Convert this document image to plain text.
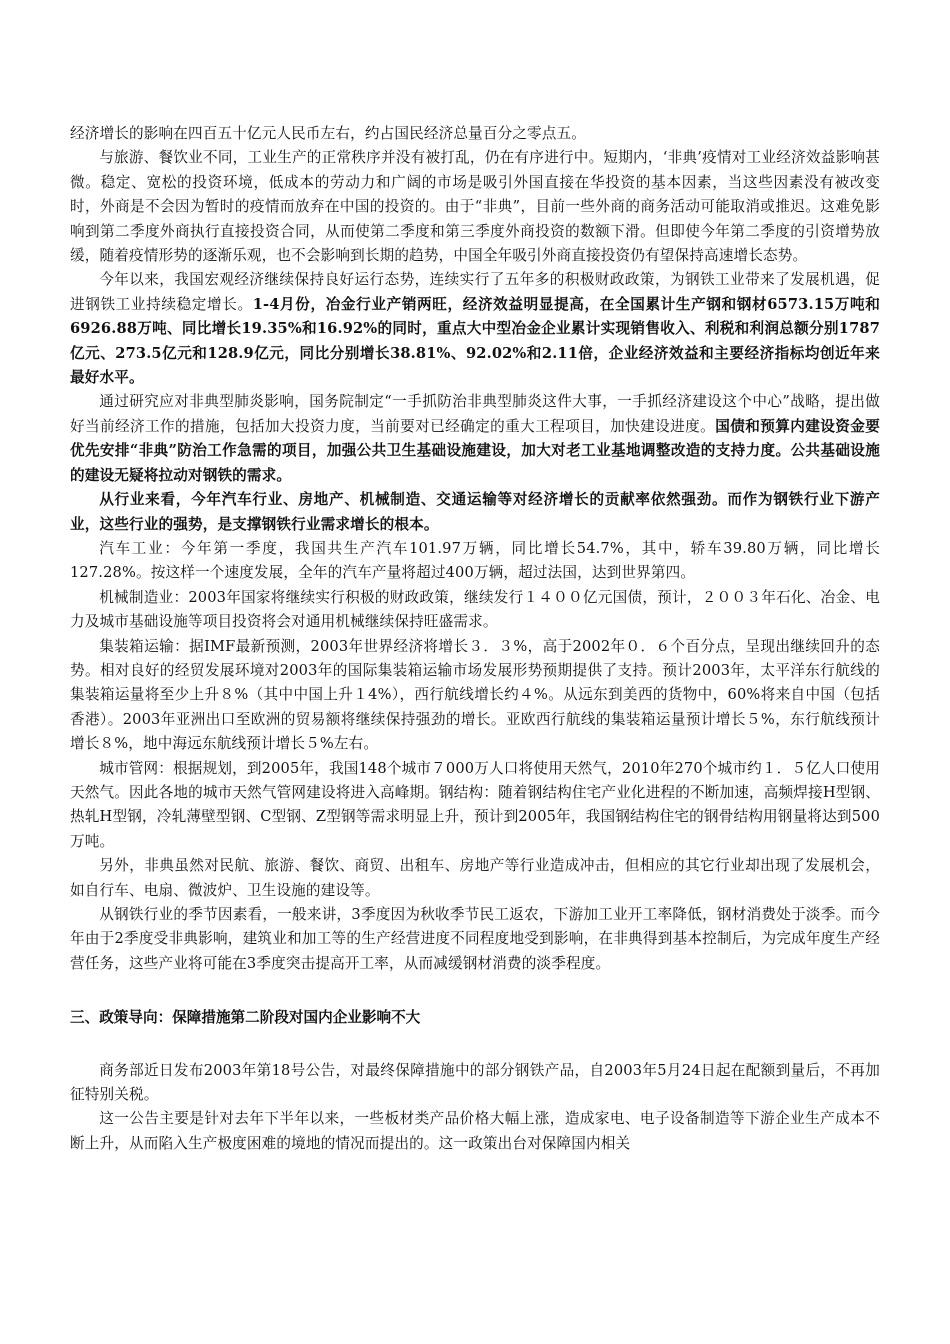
经济增长的影响在四百五十亿元人民币左右，约占国民经济总量百分之零点五。

与旅游、餐饮业不同，工业生产的正常秩序并没有被打乱，仍在有序进行中。短期内，‘非典’疫情对工业经济效益影响甚微。稳定、宽松的投资环境，低成本的劳动力和广阔的市场是吸引外国直接在华投资的基本因素，当这些因素没有被改变时，外商是不会因为暂时的疫情而放弃在中国的投资的。由于“非典”，目前一些外商的商务活动可能取消或推迟。这难免影响到第二季度外商执行直接投资合同，从而使第二季度和第三季度外商投资的数额下滑。但即使今年第二季度的引资增势放缓，随着疫情形势的逐渐乐观，也不会影响到长期的趋势，中国全年吸引外商直接投资仍有望保持高速增长态势。

今年以来，我国宏观经济继续保持良好运行态势，连续实行了五年多的积极财政政策，为钢铁工业带来了发展机遇，促进钢铁工业持续稳定增长。1-4月份，冶金行业产销两旺，经济效益明显提高，在全国累计生产钢和钢材6573.15万吨和6926.88万吨、同比增长19.35%和16.92%的同时，重点大中型冶金企业累计实现销售收入、利税和利润总额分别1787亿元、273.5亿元和128.9亿元，同比分别增长38.81%、92.02%和2.11倍，企业经济效益和主要经济指标均创近年来最好水平。

通过研究应对非典型肺炎影响，国务院制定“一手抓防治非典型肺炎这件大事，一手抓经济建设这个中心”战略，提出做好当前经济工作的措施，包括加大投资力度，当前要对已经确定的重大工程项目，加快建设进度。国债和预算内建设资金要优先安排“非典”防治工作急需的项目，加强公共卫生基础设施建设，加大对老工业基地调整改造的支持力度。公共基础设施的建设无疑将拉动对钢铁的需求。

从行业来看，今年汽车行业、房地产、机械制造、交通运输等对经济增长的贡献率依然强劲。而作为钢铁行业下游产业，这些行业的强势，是支撑钢铁行业需求增长的根本。

汽车工业：今年第一季度，我国共生产汽车101.97万辆，同比增长54.7%，其中，轿车39.80万辆，同比增长127.28%。按这样一个速度发展，全年的汽车产量将超过400万辆，超过法国，达到世界第四。

机械制造业：2003年国家将继续实行积极的财政政策，继续发行１４００亿元国债，预计，２００３年石化、冶金、电力及城市基础设施等项目投资将会对通用机械继续保持旺盛需求。

集装箱运输：据IMF最新预测，2003年世界经济将增长３．３%，高于2002年０．６个百分点，呈现出继续回升的态势。相对良好的经贸发展环境对2003年的国际集装箱运输市场发展形势预期提供了支持。预计2003年，太平洋东行航线的集装箱运量将至少上升８%（其中中国上升１4%），西行航线增长约４%。从远东到美西的货物中，60%将来自中国（包括香港）。2003年亚洲出口至欧洲的贸易额将继续保持强劲的增长。亚欧西行航线的集装箱运量预计增长５%，东行航线预计增长８%，地中海远东航线预计增长５%左右。

城市管网：根据规划，到2005年，我国148个城市７000万人口将使用天然气，2010年270个城市约１．５亿人口使用天然气。因此各地的城市天然气管网建设将进入高峰期。钢结构：随着钢结构住宅产业化进程的不断加速，高频焊接H型钢、热轧H型钢，冷轧薄壁型钢、C型钢、Z型钢等需求明显上升，预计到2005年，我国钢结构住宅的钢骨结构用钢量将达到500万吨。

另外，非典虽然对民航、旅游、餐饮、商贸、出租车、房地产等行业造成冲击，但相应的其它行业却出现了发展机会，如自行车、电扇、微波炉、卫生设施的建设等。

从钢铁行业的季节因素看，一般来讲，3季度因为秋收季节民工返农，下游加工业开工率降低，钢材消费处于淡季。而今年由于2季度受非典影响，建筑业和加工等的生产经营进度不同程度地受到影响，在非典得到基本控制后，为完成年度生产经营任务，这些产业将可能在3季度突击提高开工率，从而减缓钢材消费的淡季程度。

三、政策导向：保障措施第二阶段对国内企业影响不大

商务部近日发布2003年第18号公告，对最终保障措施中的部分钢铁产品，自2003年5月24日起在配额到量后，不再加征特别关税。

这一公告主要是针对去年下半年以来，一些板材类产品价格大幅上涨，造成家电、电子设备制造等下游企业生产成本不断上升，从而陷入生产极度困难的境地的情况而提出的。这一政策出台对保障国内相关
